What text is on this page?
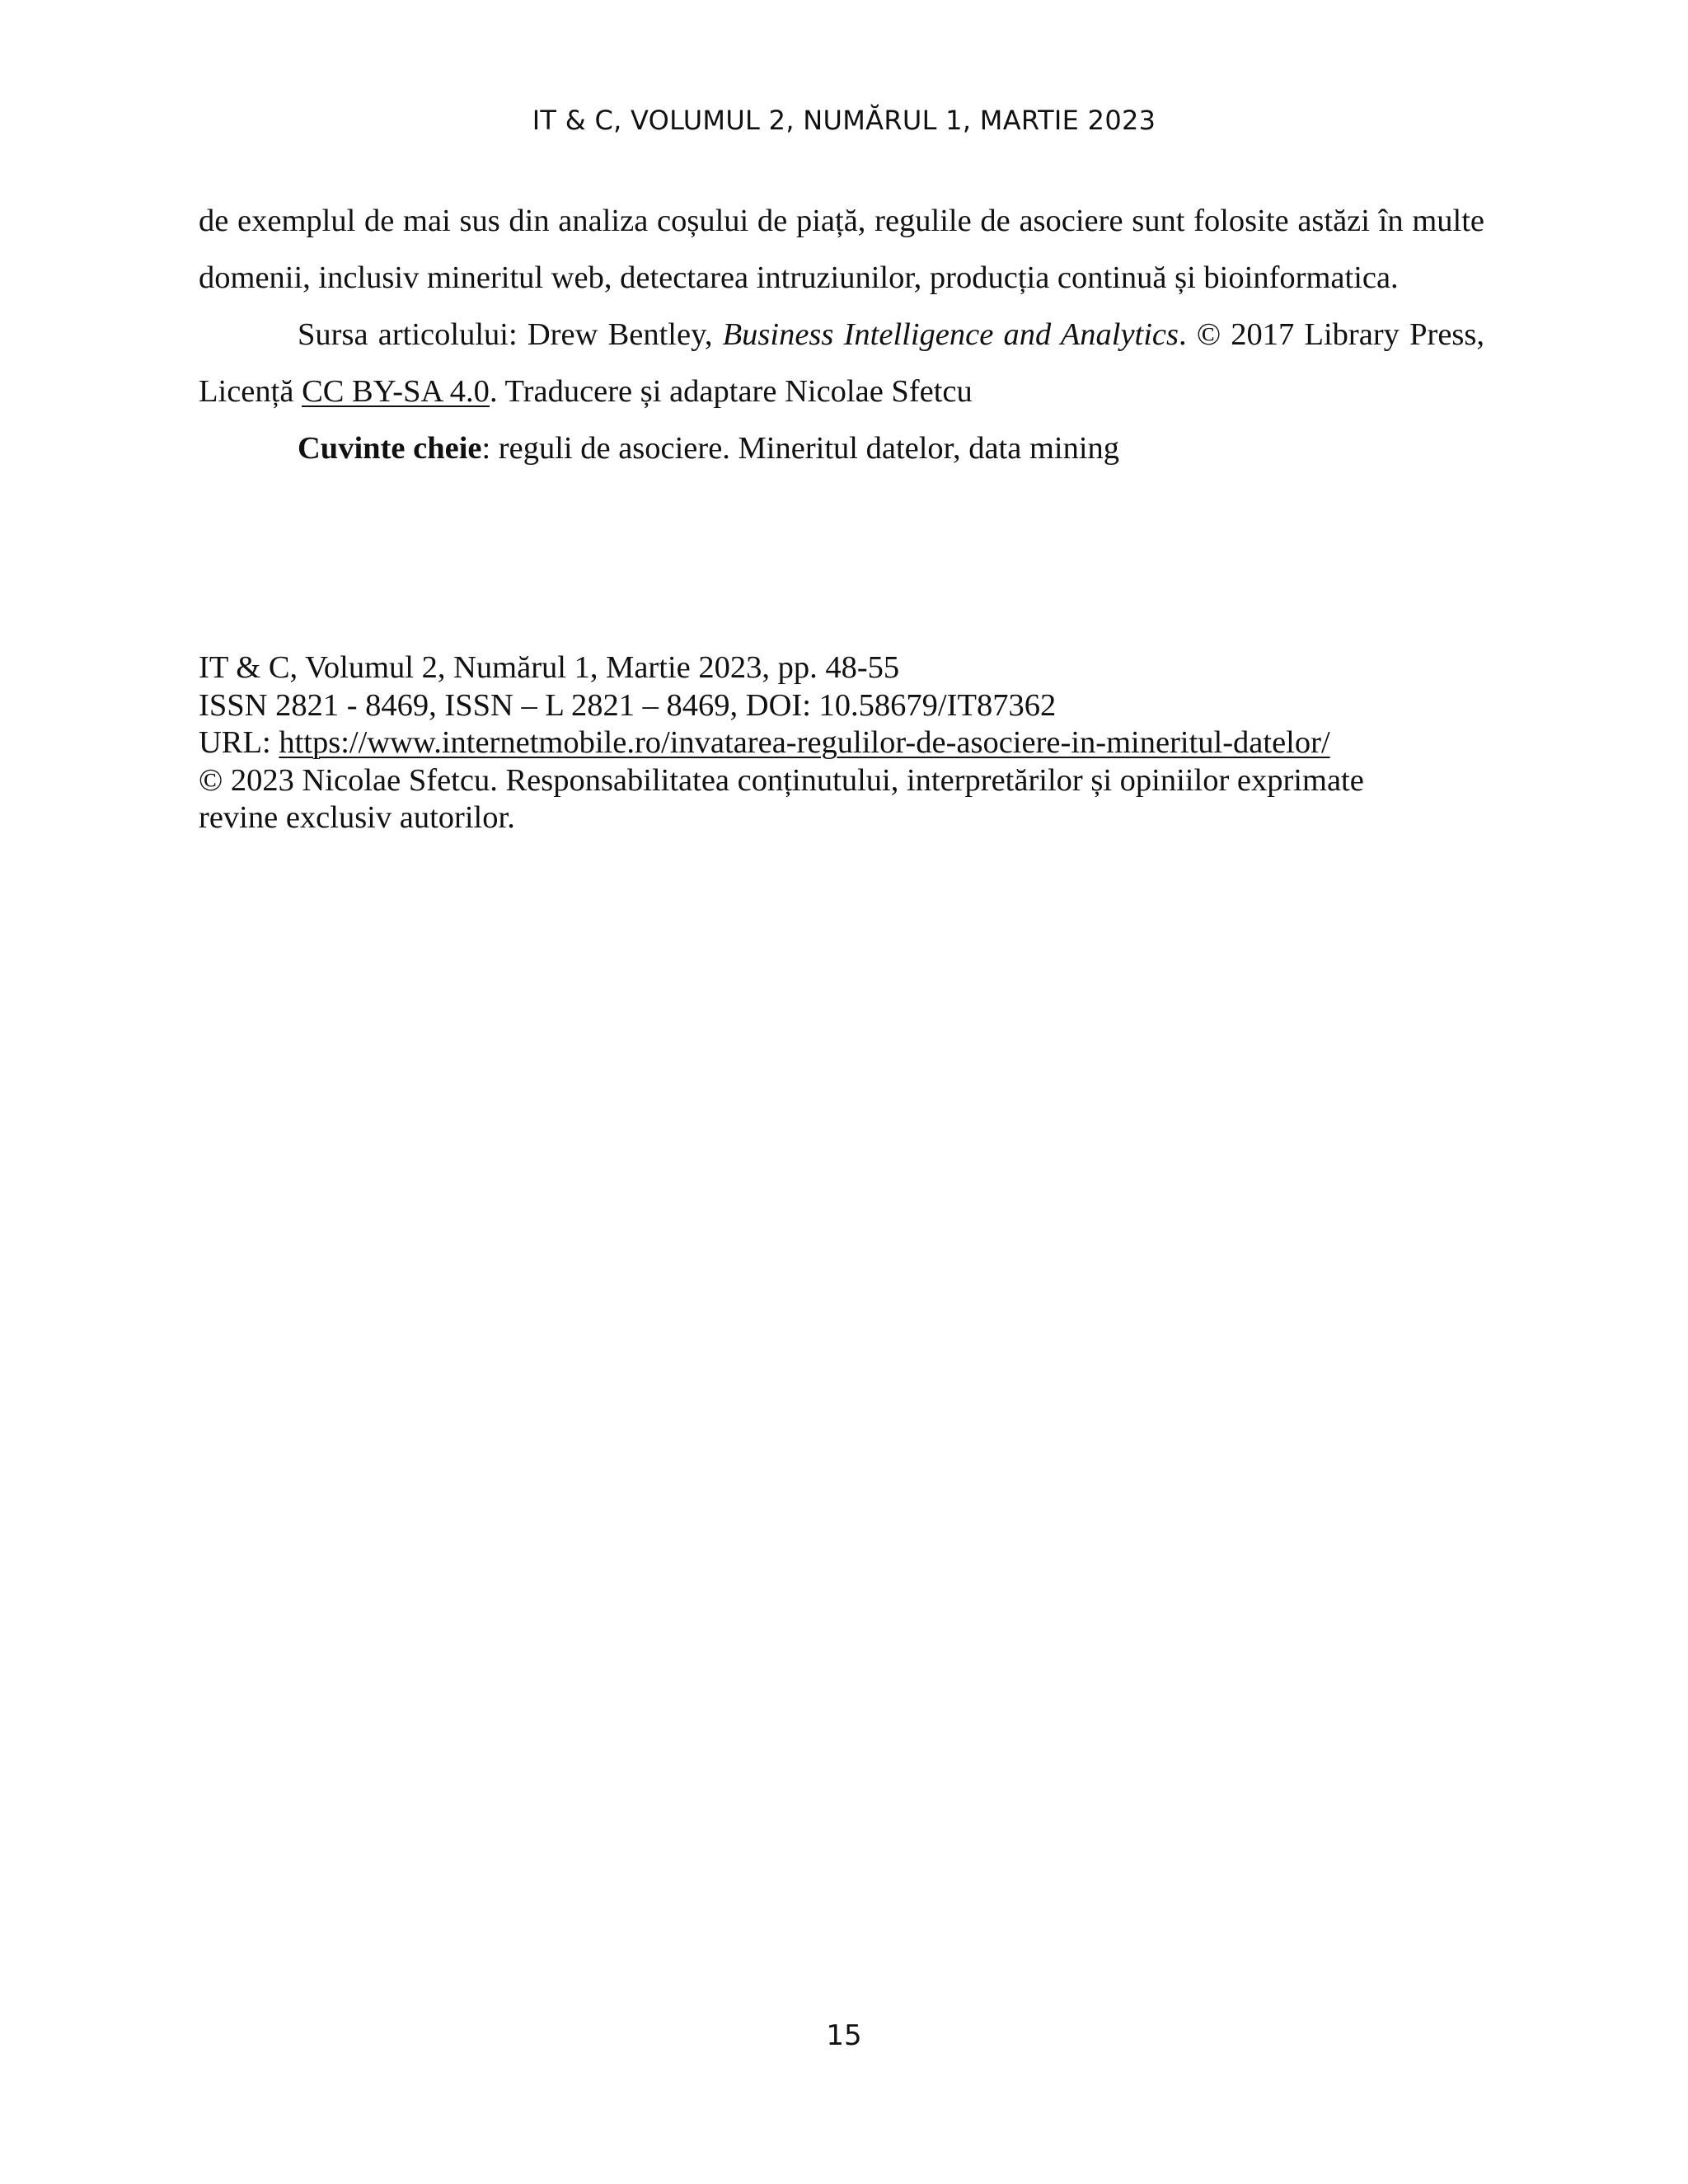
IT & C, VOLUMUL 2, NUMĂRUL 1, MARTIE 2023

de exemplul de mai sus din analiza coșului de piață, regulile de asociere sunt folosite astăzi în multe domenii, inclusiv mineritul web, detectarea intruziunilor, producția continuă și bioinformatica.

Sursa articolului: Drew Bentley, Business Intelligence and Analytics. © 2017 Library Press, Licență CC BY-SA 4.0. Traducere și adaptare Nicolae Sfetcu

Cuvinte cheie: reguli de asociere. Mineritul datelor, data mining

IT & C, Volumul 2, Numărul 1, Martie 2023, pp. 48-55

ISSN 2821 - 8469, ISSN – L 2821 – 8469, DOI: 10.58679/IT87362

URL: https://www.internetmobile.ro/invatarea-regulilor-de-asociere-in-mineritul-datelor/

© 2023 Nicolae Sfetcu. Responsabilitatea conținutului, interpretărilor și opiniilor exprimate

revine exclusiv autorilor.

15
